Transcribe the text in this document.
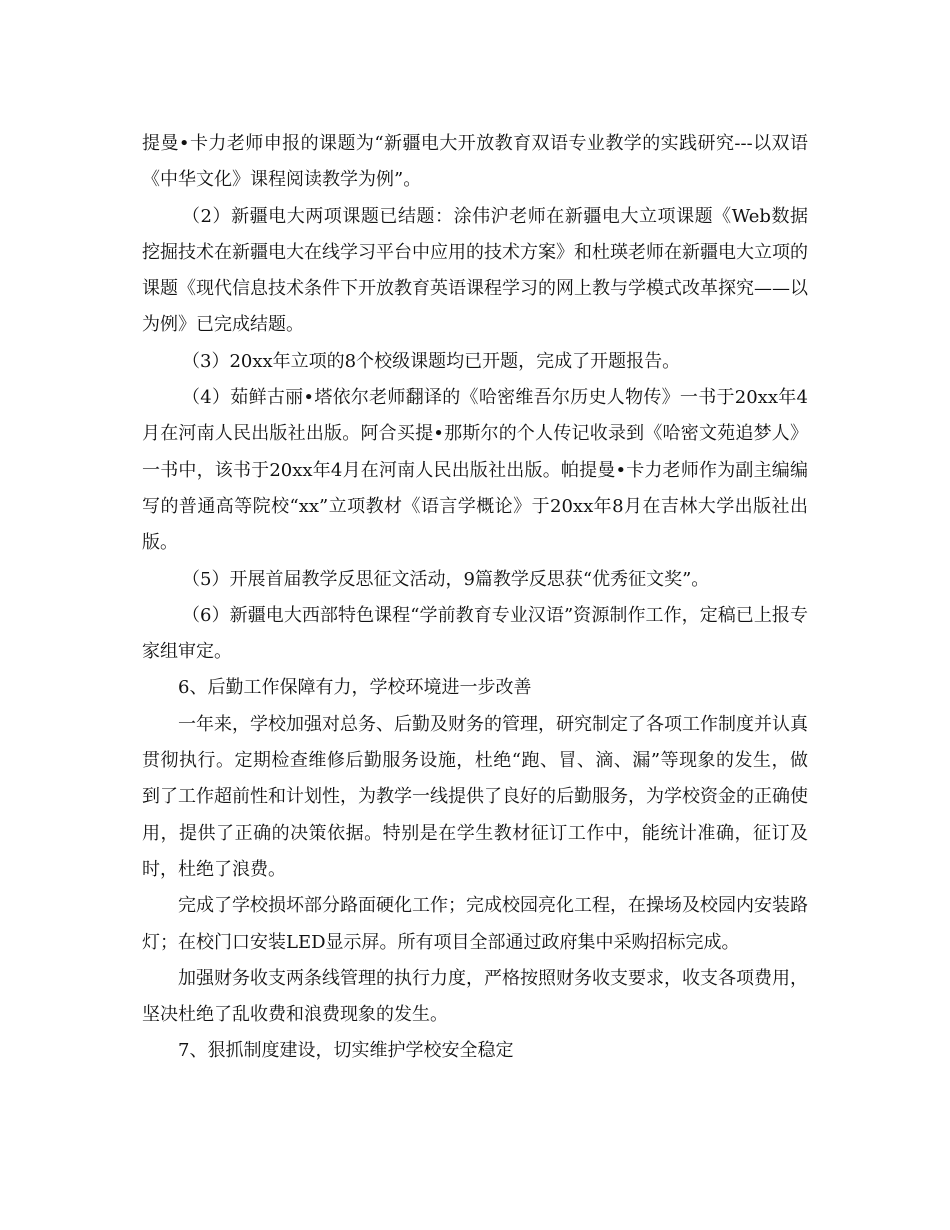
提曼•卡力老师申报的课题为“新疆电大开放教育双语专业教学的实践研究---以双语《中华文化》课程阅读教学为例”。

（2）新疆电大两项课题已结题：涂伟沪老师在新疆电大立项课题《Web数据挖掘技术在新疆电大在线学习平台中应用的技术方案》和杜瑛老师在新疆电大立项的课题《现代信息技术条件下开放教育英语课程学习的网上教与学模式改革探究——以为例》已完成结题。

（3）20xx年立项的8个校级课题均已开题，完成了开题报告。

（4）茹鲜古丽•塔依尔老师翻译的《哈密维吾尔历史人物传》一书于20xx年4月在河南人民出版社出版。阿合买提•那斯尔的个人传记收录到《哈密文苑追梦人》一书中，该书于20xx年4月在河南人民出版社出版。帕提曼•卡力老师作为副主编编写的普通高等院校“xx”立项教材《语言学概论》于20xx年8月在吉林大学出版社出版。

（5）开展首届教学反思征文活动，9篇教学反思获“优秀征文奖”。

（6）新疆电大西部特色课程“学前教育专业汉语”资源制作工作，定稿已上报专家组审定。

6、后勤工作保障有力，学校环境进一步改善

一年来，学校加强对总务、后勤及财务的管理，研究制定了各项工作制度并认真贯彻执行。定期检查维修后勤服务设施，杜绝“跑、冒、滴、漏”等现象的发生，做到了工作超前性和计划性，为教学一线提供了良好的后勤服务，为学校资金的正确使用，提供了正确的决策依据。特别是在学生教材征订工作中，能统计准确，征订及时，杜绝了浪费。

完成了学校损坏部分路面硬化工作；完成校园亮化工程，在操场及校园内安装路灯；在校门口安装LED显示屏。所有项目全部通过政府集中采购招标完成。

加强财务收支两条线管理的执行力度，严格按照财务收支要求，收支各项费用，坚决杜绝了乱收费和浪费现象的发生。

7、狠抓制度建设，切实维护学校安全稳定
